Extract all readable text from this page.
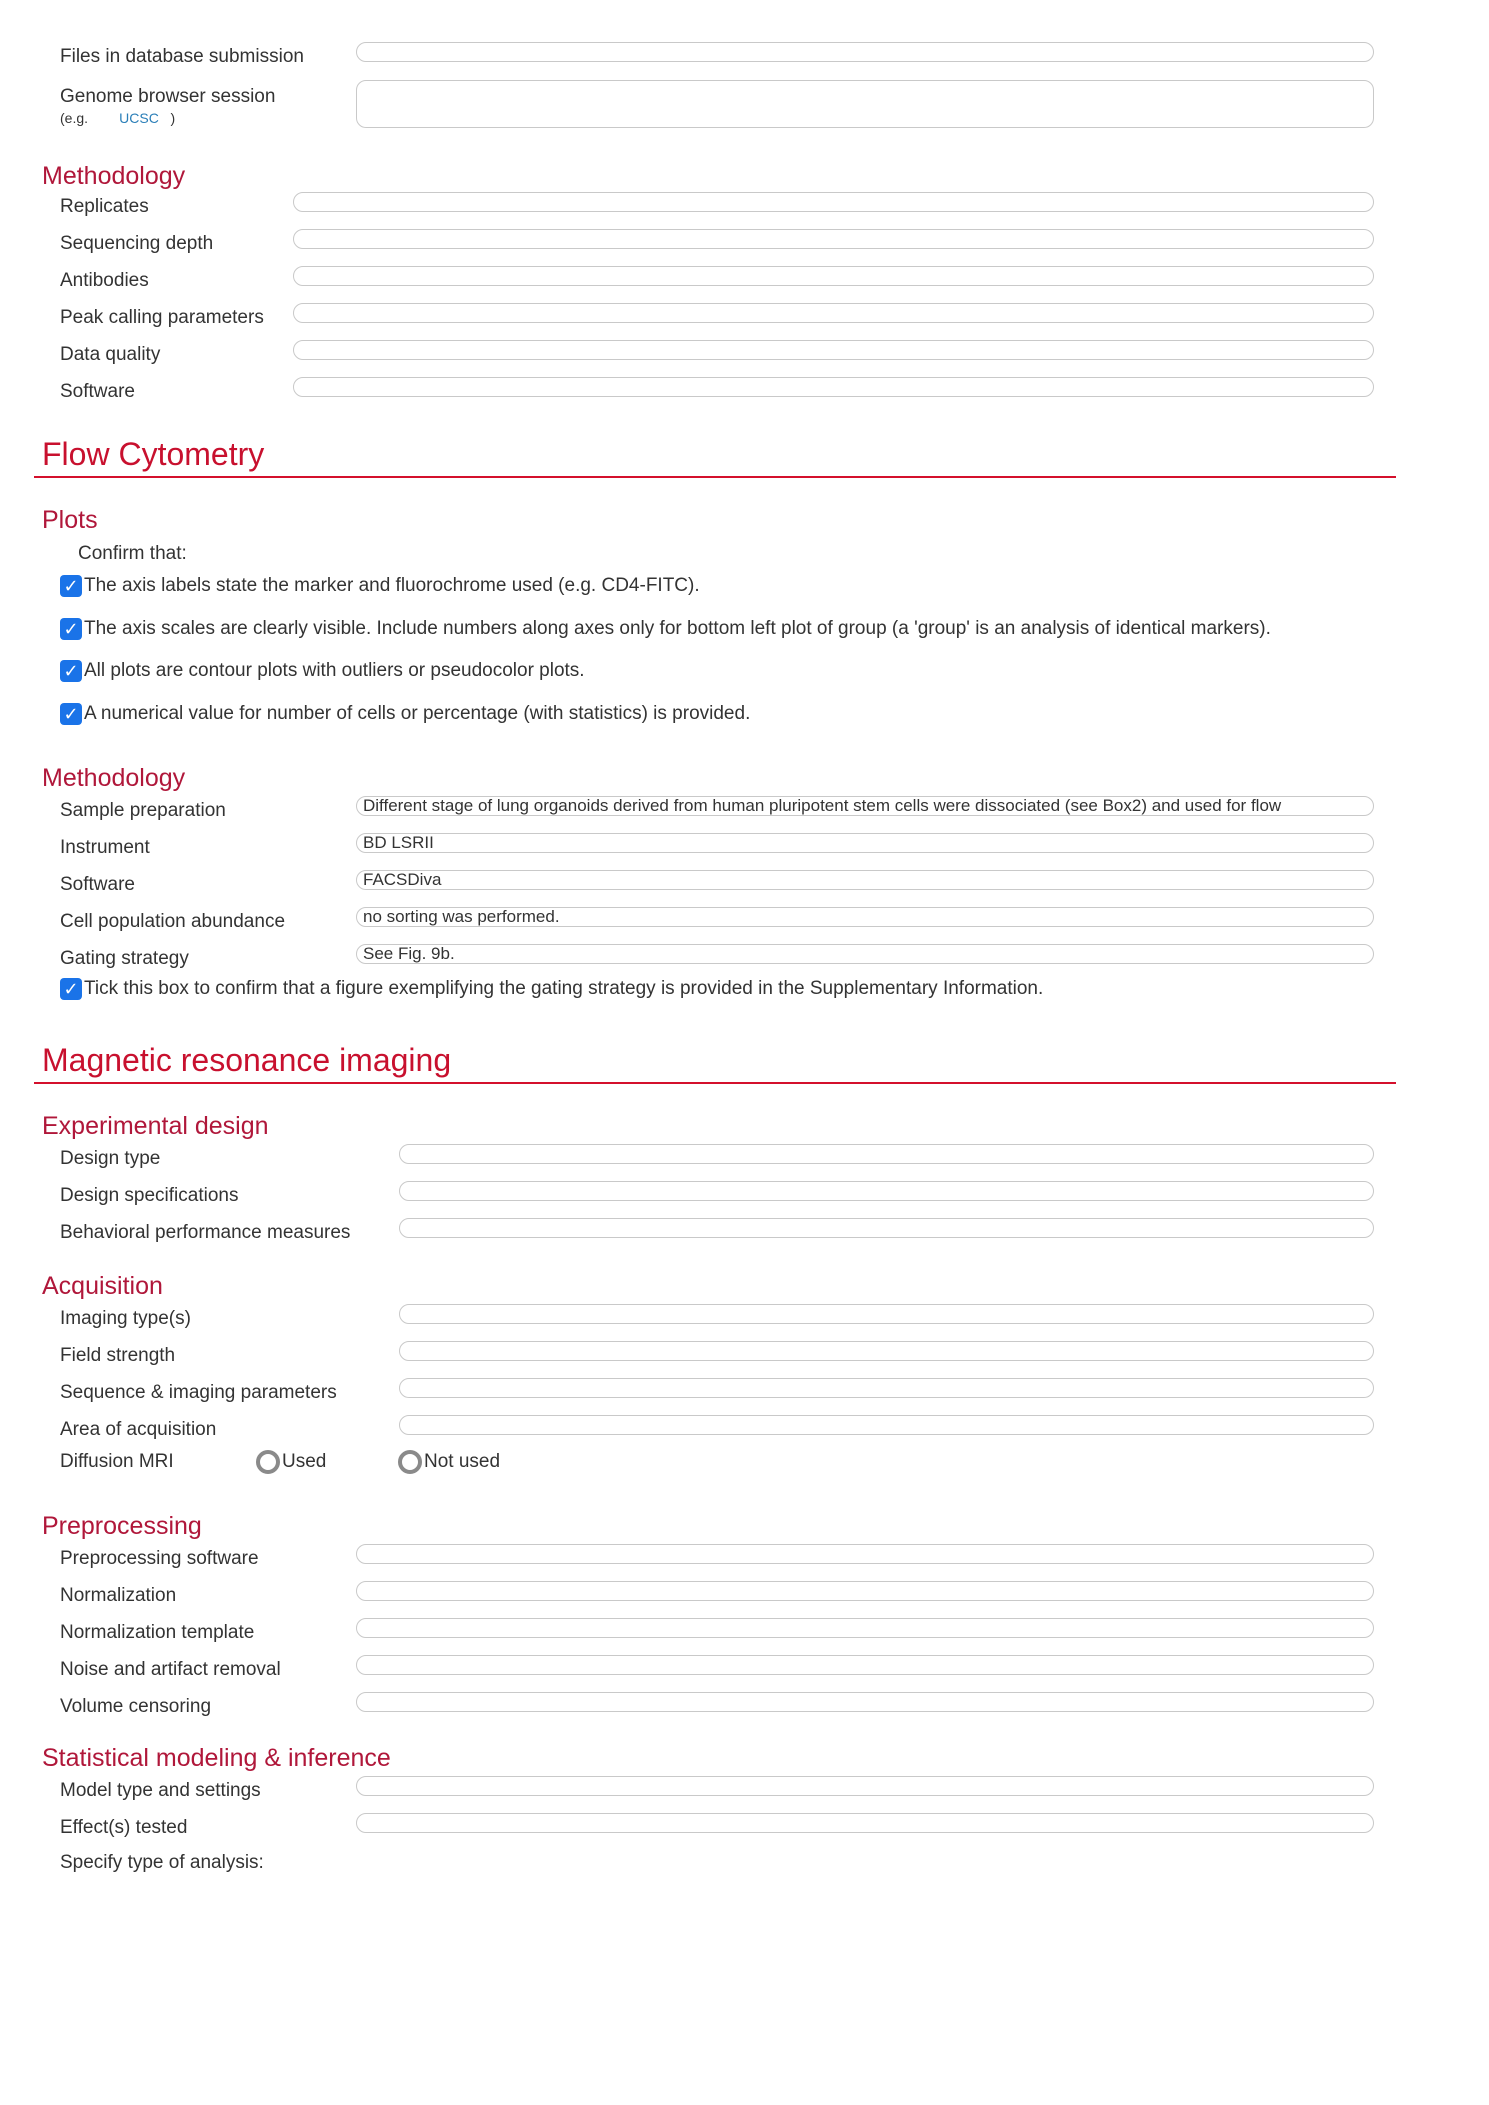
Files in database submission
Genome browser session
(e.g. UCSC )
Methodology
Replicates
Sequencing depth
Antibodies
Peak calling parameters
Data quality
Software
Flow Cytometry
Plots
Confirm that:
✓ The axis labels state the marker and fluorochrome used (e.g. CD4-FITC).
✓ The axis scales are clearly visible. Include numbers along axes only for bottom left plot of group (a 'group' is an analysis of identical markers).
✓ All plots are contour plots with outliers or pseudocolor plots.
✓ A numerical value for number of cells or percentage (with statistics) is provided.
Methodology
Sample preparation	Different stage of lung organoids derived from human pluripotent stem cells were dissociated (see Box2) and used for flow
Instrument	BD LSRII
Software	FACSDiva
Cell population abundance	no sorting was performed.
Gating strategy	See Fig. 9b.
✓ Tick this box to confirm that a figure exemplifying the gating strategy is provided in the Supplementary Information.
Magnetic resonance imaging
Experimental design
Design type
Design specifications
Behavioral performance measures
Acquisition
Imaging type(s)
Field strength
Sequence & imaging parameters
Area of acquisition
Diffusion MRI	Used	Not used
Preprocessing
Preprocessing software
Normalization
Normalization template
Noise and artifact removal
Volume censoring
Statistical modeling & inference
Model type and settings
Effect(s) tested
Specify type of analysis:
